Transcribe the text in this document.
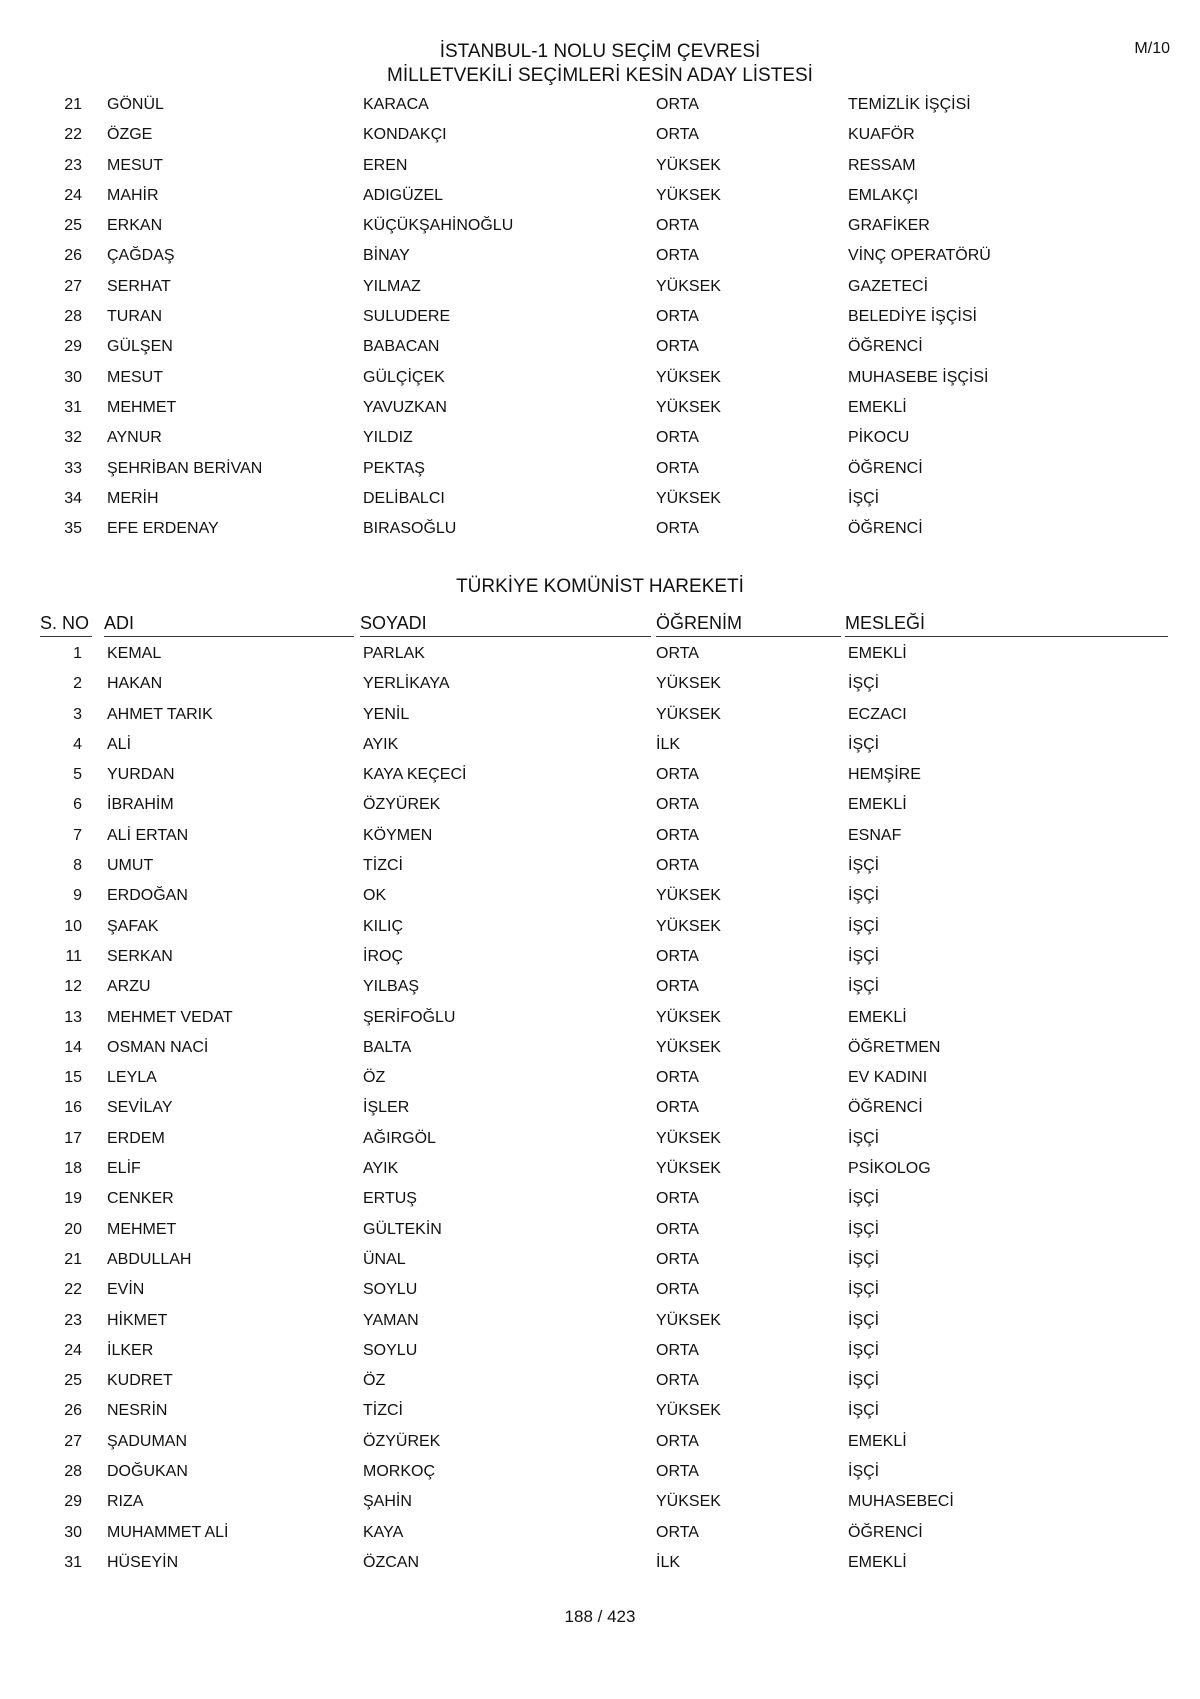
İSTANBUL-1 NOLU SEÇİM ÇEVRESİ
MİLLETVEKİLİ SEÇİMLERİ KESİN ADAY LİSTESİ
M/10
21 GÖNÜL	KARACA	ORTA	TEMİZLİK İŞÇİSİ
22 ÖZGE	KONDAKÇI	ORTA	KUAFÖR
23 MESUT	EREN	YÜKSEK	RESSAM
24 MAHİR	ADIGÜZEL	YÜKSEK	EMLAKÇI
25 ERKAN	KÜÇÜKŞAHİNOĞLU	ORTA	GRAFİKER
26 ÇAĞDAŞ	BİNAY	ORTA	VİNÇ OPERATÖRÜ
27 SERHAT	YILMAZ	YÜKSEK	GAZETECİ
28 TURAN	SULUDERE	ORTA	BELEDİYE İŞÇİSİ
29 GÜLŞEN	BABACAN	ORTA	ÖĞRENCİ
30 MESUT	GÜLÇİÇEK	YÜKSEK	MUHASEBE İŞÇİSİ
31 MEHMET	YAVUZKAN	YÜKSEK	EMEKLİ
32 AYNUR	YILDIZ	ORTA	PİKOCU
33 ŞEHRİBAN BERİVAN	PEKTAŞ	ORTA	ÖĞRENCİ
34 MERİH	DELİBALCI	YÜKSEK	İŞÇİ
35 EFE ERDENAY	BIRASOĞLU	ORTA	ÖĞRENCİ
TÜRKİYE KOMÜNİST HAREKETİ
S. NO ADI	SOYADI	ÖĞRENİM	MESLEĞİ
1 KEMAL	PARLAK	ORTA	EMEKLİ
2 HAKAN	YERLİKAYA	YÜKSEK	İŞÇİ
3 AHMET TARIK	YENİL	YÜKSEK	ECZACI
4 ALİ	AYIK	İLK	İŞÇİ
5 YURDAN	KAYA KEÇECİ	ORTA	HEMŞİRE
6 İBRAHİM	ÖZYÜREK	ORTA	EMEKLİ
7 ALİ ERTAN	KÖYMEN	ORTA	ESNAF
8 UMUT	TİZCİ	ORTA	İŞÇİ
9 ERDOĞAN	OK	YÜKSEK	İŞÇİ
10 ŞAFAK	KILIÇ	YÜKSEK	İŞÇİ
11 SERKAN	İROÇ	ORTA	İŞÇİ
12 ARZU	YILBAŞ	ORTA	İŞÇİ
13 MEHMET VEDAT	ŞERİFOĞLU	YÜKSEK	EMEKLİ
14 OSMAN NACİ	BALTA	YÜKSEK	ÖĞRETMEN
15 LEYLA	ÖZ	ORTA	EV KADINI
16 SEVİLAY	İŞLER	ORTA	ÖĞRENCİ
17 ERDEM	AĞIRGÖL	YÜKSEK	İŞÇİ
18 ELİF	AYIK	YÜKSEK	PSİKOLOG
19 CENKER	ERTUŞ	ORTA	İŞÇİ
20 MEHMET	GÜLTEKİN	ORTA	İŞÇİ
21 ABDULLAH	ÜNAL	ORTA	İŞÇİ
22 EVİN	SOYLU	ORTA	İŞÇİ
23 HİKMET	YAMAN	YÜKSEK	İŞÇİ
24 İLKER	SOYLU	ORTA	İŞÇİ
25 KUDRET	ÖZ	ORTA	İŞÇİ
26 NESRİN	TİZCİ	YÜKSEK	İŞÇİ
27 ŞADUMAN	ÖZYÜREK	ORTA	EMEKLİ
28 DOĞUKAN	MORKOÇ	ORTA	İŞÇİ
29 RIZA	ŞAHİN	YÜKSEK	MUHASEBECİ
30 MUHAMMET ALİ	KAYA	ORTA	ÖĞRENCİ
31 HÜSEYİN	ÖZCAN	İLK	EMEKLİ
188 / 423
